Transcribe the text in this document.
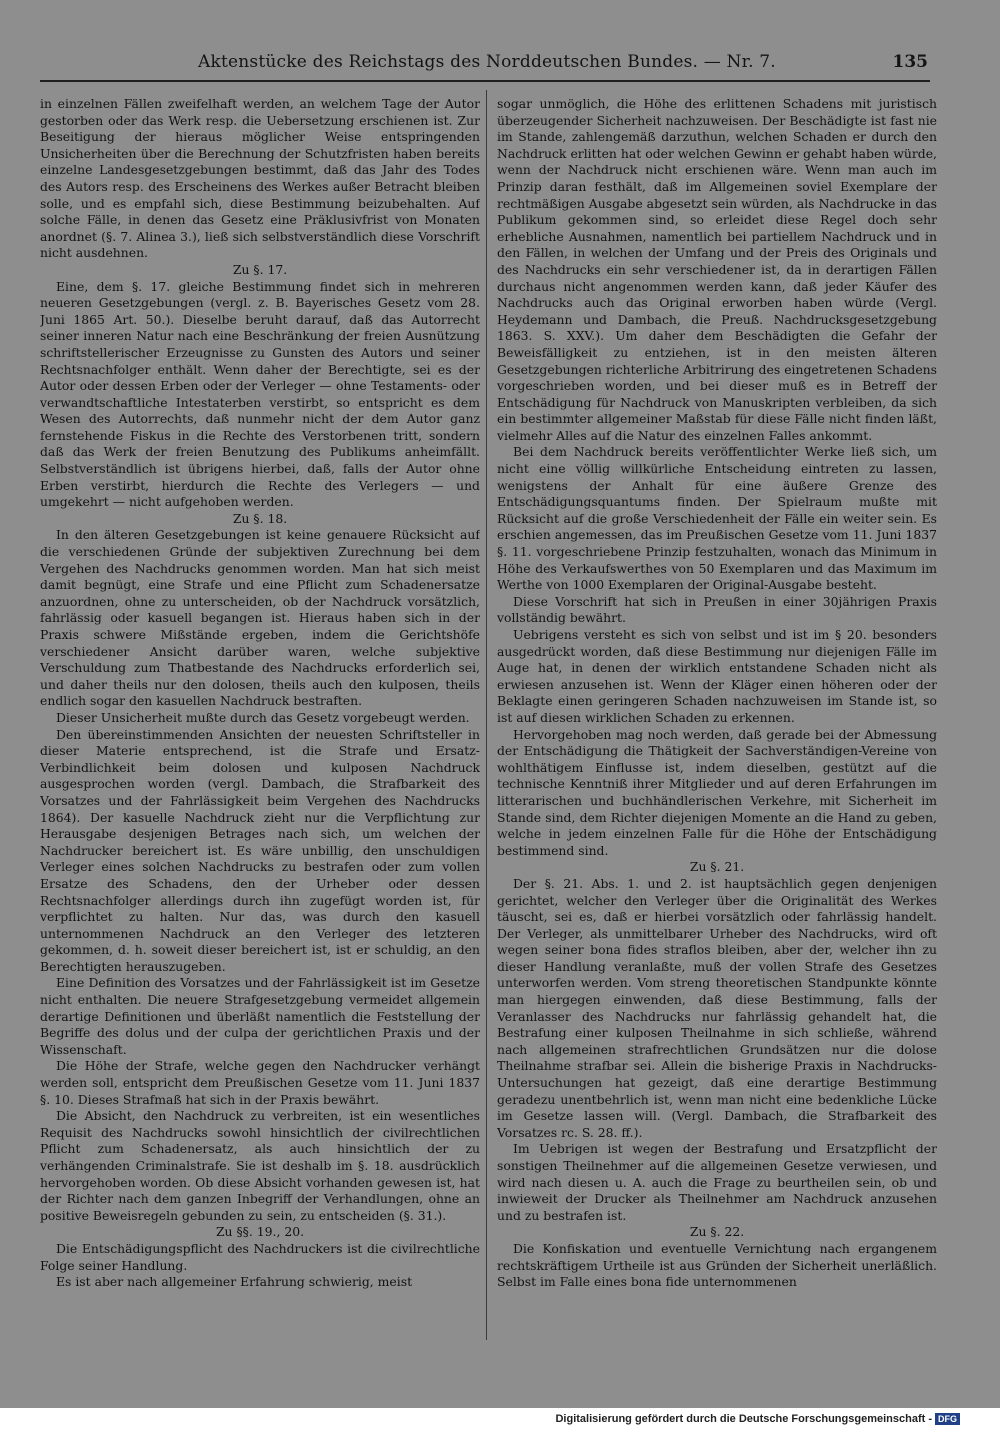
Aktenstücke des Reichstags des Norddeutschen Bundes. — Nr. 7.	135

in einzelnen Fällen zweifelhaft werden, an welchem Tage der Autor gestorben oder das Werk resp. die Uebersetzung erschienen ist. Zur Beseitigung der hieraus möglicher Weise entspringenden Unsicherheiten über die Berechnung der Schutzfristen haben bereits einzelne Landesgesetzgebungen bestimmt, daß das Jahr des Todes des Autors resp. des Erscheinens des Werkes außer Betracht bleiben solle, und es empfahl sich, diese Bestimmung beizubehalten. Auf solche Fälle, in denen das Gesetz eine Präklusivfrist von Monaten anordnet (§. 7. Alinea 3.), ließ sich selbstverständlich diese Vorschrift nicht ausdehnen.

Zu §. 17.

Eine, dem §. 17. gleiche Bestimmung findet sich in mehreren neueren Gesetzgebungen (vergl. z. B. Bayerisches Gesetz vom 28. Juni 1865 Art. 50.). Dieselbe beruht darauf, daß das Autorrecht seiner inneren Natur nach eine Beschränkung der freien Ausnützung schriftstellerischer Erzeugnisse zu Gunsten des Autors und seiner Rechtsnachfolger enthält. Wenn daher der Berechtigte, sei es der Autor oder dessen Erben oder der Verleger — ohne Testaments- oder verwandtschaftliche Intestaterben verstirbt, so entspricht es dem Wesen des Autorrechts, daß nunmehr nicht der dem Autor ganz fernstehende Fiskus in die Rechte des Verstorbenen tritt, sondern daß das Werk der freien Benutzung des Publikums anheimfällt. Selbstverständlich ist übrigens hierbei, daß, falls der Autor ohne Erben verstirbt, hierdurch die Rechte des Verlegers — und umgekehrt — nicht aufgehoben werden.

Zu §. 18.

In den älteren Gesetzgebungen ist keine genauere Rücksicht auf die verschiedenen Gründe der subjektiven Zurechnung bei dem Vergehen des Nachdrucks genommen worden. Man hat sich meist damit begnügt, eine Strafe und eine Pflicht zum Schadenersatze anzuordnen, ohne zu unterscheiden, ob der Nachdruck vorsätzlich, fahrlässig oder kasuell begangen ist. Hieraus haben sich in der Praxis schwere Mißstände ergeben, indem die Gerichtshöfe verschiedener Ansicht darüber waren, welche subjektive Verschuldung zum Thatbestande des Nachdrucks erforderlich sei, und daher theils nur den dolosen, theils auch den kulposen, theils endlich sogar den kasuellen Nachdruck bestraften.

Dieser Unsicherheit mußte durch das Gesetz vorgebeugt werden.

Den übereinstimmenden Ansichten der neuesten Schriftsteller in dieser Materie entsprechend, ist die Strafe und Ersatz-Verbindlichkeit beim dolosen und kulposen Nachdruck ausgesprochen worden (vergl. Dambach, die Strafbarkeit des Vorsatzes und der Fahrlässigkeit beim Vergehen des Nachdrucks 1864). Der kasuelle Nachdruck zieht nur die Verpflichtung zur Herausgabe desjenigen Betrages nach sich, um welchen der Nachdrucker bereichert ist. Es wäre unbillig, den unschuldigen Verleger eines solchen Nachdrucks zu bestrafen oder zum vollen Ersatze des Schadens, den der Urheber oder dessen Rechtsnachfolger allerdings durch ihn zugefügt worden ist, für verpflichtet zu halten. Nur das, was durch den kasuell unternommenen Nachdruck an den Verleger des letzteren gekommen, d. h. soweit dieser bereichert ist, ist er schuldig, an den Berechtigten herauszugeben.

Eine Definition des Vorsatzes und der Fahrlässigkeit ist im Gesetze nicht enthalten. Die neuere Strafgesetzgebung vermeidet allgemein derartige Definitionen und überläßt namentlich die Feststellung der Begriffe des dolus und der culpa der gerichtlichen Praxis und der Wissenschaft.

Die Höhe der Strafe, welche gegen den Nachdrucker verhängt werden soll, entspricht dem Preußischen Gesetze vom 11. Juni 1837 §. 10. Dieses Strafmaß hat sich in der Praxis bewährt.

Die Absicht, den Nachdruck zu verbreiten, ist ein wesentliches Requisit des Nachdrucks sowohl hinsichtlich der civilrechtlichen Pflicht zum Schadenersatz, als auch hinsichtlich der zu verhängenden Criminalstrafe. Sie ist deshalb im §. 18. ausdrücklich hervorgehoben worden. Ob diese Absicht vorhanden gewesen ist, hat der Richter nach dem ganzen Inbegriff der Verhandlungen, ohne an positive Beweisregeln gebunden zu sein, zu entscheiden (§. 31.).

Zu §§. 19., 20.

Die Entschädigungspflicht des Nachdruckers ist die civilrechtliche Folge seiner Handlung.

Es ist aber nach allgemeiner Erfahrung schwierig, meist

sogar unmöglich, die Höhe des erlittenen Schadens mit juristisch überzeugender Sicherheit nachzuweisen. Der Beschädigte ist fast nie im Stande, zahlengemäß darzuthun, welchen Schaden er durch den Nachdruck erlitten hat oder welchen Gewinn er gehabt haben würde, wenn der Nachdruck nicht erschienen wäre. Wenn man auch im Prinzip daran festhält, daß im Allgemeinen soviel Exemplare der rechtmäßigen Ausgabe abgesetzt sein würden, als Nachdrucke in das Publikum gekommen sind, so erleidet diese Regel doch sehr erhebliche Ausnahmen, namentlich bei partiellem Nachdruck und in den Fällen, in welchen der Umfang und der Preis des Originals und des Nachdrucks ein sehr verschiedener ist, da in derartigen Fällen durchaus nicht angenommen werden kann, daß jeder Käufer des Nachdrucks auch das Original erworben haben würde (Vergl. Heydemann und Dambach, die Preuß. Nachdrucksgesetzgebung 1863. S. XXV.). Um daher dem Beschädigten die Gefahr der Beweisfälligkeit zu entziehen, ist in den meisten älteren Gesetzgebungen richterliche Arbitrirung des eingetretenen Schadens vorgeschrieben worden, und bei dieser muß es in Betreff der Entschädigung für Nachdruck von Manuskripten verbleiben, da sich ein bestimmter allgemeiner Maßstab für diese Fälle nicht finden läßt, vielmehr Alles auf die Natur des einzelnen Falles ankommt.

Bei dem Nachdruck bereits veröffentlichter Werke ließ sich, um nicht eine völlig willkürliche Entscheidung eintreten zu lassen, wenigstens der Anhalt für eine äußere Grenze des Entschädigungsquantums finden. Der Spielraum mußte mit Rücksicht auf die große Verschiedenheit der Fälle ein weiter sein. Es erschien angemessen, das im Preußischen Gesetze vom 11. Juni 1837 §. 11. vorgeschriebene Prinzip festzuhalten, wonach das Minimum in Höhe des Verkaufswerthes von 50 Exemplaren und das Maximum im Werthe von 1000 Exemplaren der Original-Ausgabe besteht.

Diese Vorschrift hat sich in Preußen in einer 30jährigen Praxis vollständig bewährt.

Uebrigens versteht es sich von selbst und ist im § 20. besonders ausgedrückt worden, daß diese Bestimmung nur diejenigen Fälle im Auge hat, in denen der wirklich entstandene Schaden nicht als erwiesen anzusehen ist. Wenn der Kläger einen höheren oder der Beklagte einen geringeren Schaden nachzuweisen im Stande ist, so ist auf diesen wirklichen Schaden zu erkennen.

Hervorgehoben mag noch werden, daß gerade bei der Abmessung der Entschädigung die Thätigkeit der Sachverständigen-Vereine von wohlthätigem Einflusse ist, indem dieselben, gestützt auf die technische Kenntniß ihrer Mitglieder und auf deren Erfahrungen im litterarischen und buchhändlerischen Verkehre, mit Sicherheit im Stande sind, dem Richter diejenigen Momente an die Hand zu geben, welche in jedem einzelnen Falle für die Höhe der Entschädigung bestimmend sind.

Zu §. 21.

Der §. 21. Abs. 1. und 2. ist hauptsächlich gegen denjenigen gerichtet, welcher den Verleger über die Originalität des Werkes täuscht, sei es, daß er hierbei vorsätzlich oder fahrlässig handelt. Der Verleger, als unmittelbarer Urheber des Nachdrucks, wird oft wegen seiner bona fides straflos bleiben, aber der, welcher ihn zu dieser Handlung veranlaßte, muß der vollen Strafe des Gesetzes unterworfen werden. Vom streng theoretischen Standpunkte könnte man hiergegen einwenden, daß diese Bestimmung, falls der Veranlasser des Nachdrucks nur fahrlässig gehandelt hat, die Bestrafung einer kulposen Theilnahme in sich schließe, während nach allgemeinen strafrechtlichen Grundsätzen nur die dolose Theilnahme strafbar sei. Allein die bisherige Praxis in Nachdrucks-Untersuchungen hat gezeigt, daß eine derartige Bestimmung geradezu unentbehrlich ist, wenn man nicht eine bedenkliche Lücke im Gesetze lassen will. (Vergl. Dambach, die Strafbarkeit des Vorsatzes rc. S. 28. ff.).

Im Uebrigen ist wegen der Bestrafung und Ersatzpflicht der sonstigen Theilnehmer auf die allgemeinen Gesetze verwiesen, und wird nach diesen u. A. auch die Frage zu beurtheilen sein, ob und inwieweit der Drucker als Theilnehmer am Nachdruck anzusehen und zu bestrafen ist.

Zu §. 22.

Die Konfiskation und eventuelle Vernichtung nach ergangenem rechtskräftigem Urtheile ist aus Gründen der Sicherheit unerläßlich. Selbst im Falle eines bona fide unternommenen

Digitalisierung gefördert durch die Deutsche Forschungsgemeinschaft - DFG
